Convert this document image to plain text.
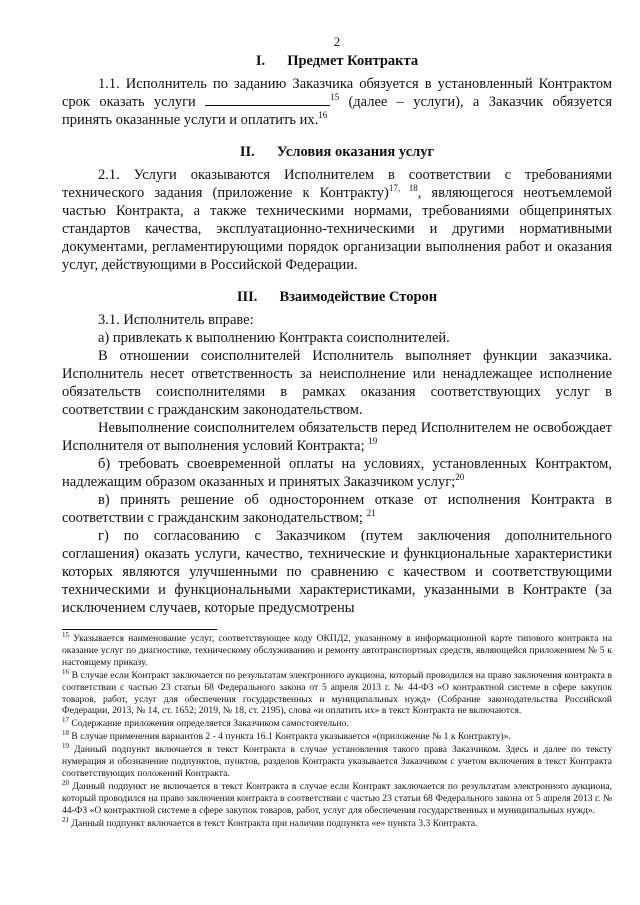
2
I. Предмет Контракта

1.1. Исполнитель по заданию Заказчика обязуется в установленный Контрактом срок оказать услуги	$^{15}$ (далее – услуги), а Заказчик обязуется принять оказанные услуги и оплатить их.$^{16}$

II. Условия оказания услуг

2.1. Услуги оказываются Исполнителем в соответствии с требованиями технического задания (приложение к Контракту)$^{17, 18}$, являющегося неотъемлемой частью Контракта, а также техническими нормами, требованиями общепринятых стандартов качества, эксплуатационно-техническими и другими нормативными документами, регламентирующими порядок организации выполнения работ и оказания услуг, действующими в Российской Федерации.

III. Взаимодействие Сторон

3.1. Исполнитель вправе:

а) привлекать к выполнению Контракта соисполнителей.

В отношении соисполнителей Исполнитель выполняет функции заказчика. Исполнитель несет ответственность за неисполнение или ненадлежащее исполнение обязательств соисполнителями в рамках оказания соответствующих услуг в соответствии с гражданским законодательством.

Невыполнение соисполнителем обязательств перед Исполнителем не освобождает Исполнителя от выполнения условий Контракта; $^{19}$

б) требовать своевременной оплаты на условиях, установленных Контрактом, надлежащим образом оказанных и принятых Заказчиком услуг;$^{20}$

в) принять решение об одностороннем отказе от исполнения Контракта в соответствии с гражданским законодательством; $^{21}$

г) по согласованию с Заказчиком (путем заключения дополнительного соглашения) оказать услуги, качество, технические и функциональные характеристики которых являются улучшенными по сравнению с качеством и соответствующими техническими и функциональными характеристиками, указанными в Контракте (за исключением случаев, которые предусмотрены

$^{15}$ Указывается наименование услуг, соответствующее коду ОКПД2, указанному в информационной карте типового контракта на оказание услуг по диагностике, техническому обслуживанию и ремонту автотранспортных средств, являющейся приложением № 5 к настоящему приказу.

$^{16}$ В случае если Контракт заключается по результатам электронного аукциона, который проводился на право заключения контракта в соответствии с частью 23 статьи 68 Федерального закона от 5 апреля 2013 г. № 44-ФЗ «О контрактной системе в сфере закупок товаров, работ, услуг для обеспечения государственных и муниципальных нужд» (Собрание законодательства Российской Федерации, 2013, № 14, ст. 1652; 2019, № 18, ст. 2195), слова «и оплатить их» в текст Контракта не включаются.

$^{17}$ Содержание приложения определяется Заказчиком самостоятельно.

$^{18}$ В случае применения вариантов 2 - 4 пункта 16.1 Контракта указывается «(приложение № 1 к Контракту)».

$^{19}$ Данный подпункт включается в текст Контракта в случае установления такого права Заказчиком. Здесь и далее по тексту нумерация и обозначение подпунктов, пунктов, разделов Контракта указывается Заказчиком с учетом включения в текст Контракта соответствующих положений Контракта.

$^{20}$ Данный подпункт не включается в текст Контракта в случае если Контракт заключается по результатам электронного аукциона, который проводился на право заключения контракта в соответствии с частью 23 статьи 68 Федерального закона от 5 апреля 2013 г. № 44-ФЗ «О контрактной системе в сфере закупок товаров, работ, услуг для обеспечения государственных и муниципальных нужд».

$^{21}$ Данный подпункт включается в текст Контракта при наличии подпункта «е» пункта 3.3 Контракта.
